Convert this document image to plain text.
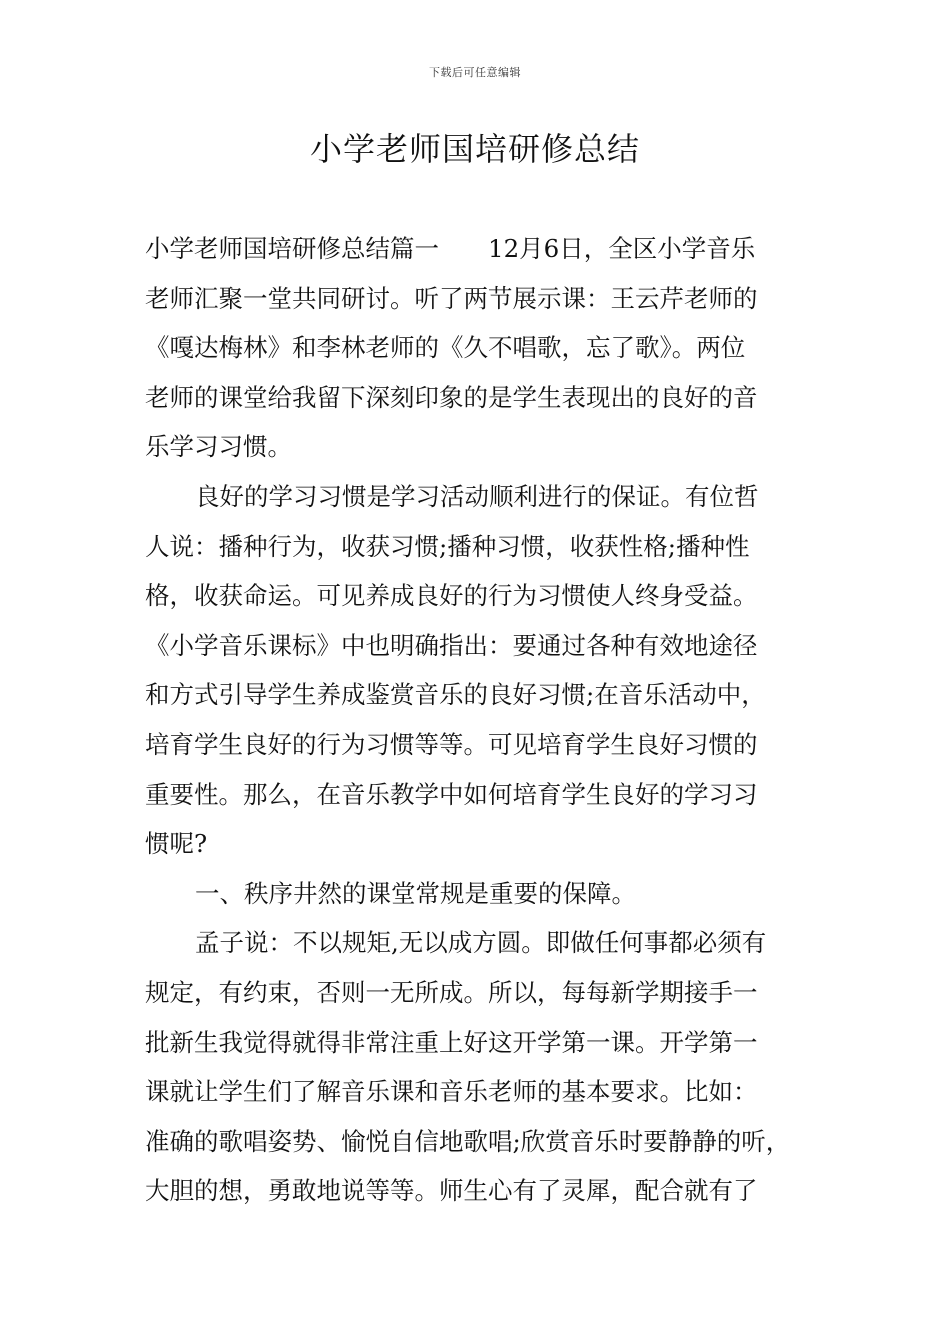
下载后可任意编辑
小学老师国培研修总结
小学老师国培研修总结篇一　　12月6日，全区小学音乐
老师汇聚一堂共同研讨。听了两节展示课：王云芹老师的
《嘎达梅林》和李林老师的《久不唱歌，忘了歌》。两位
老师的课堂给我留下深刻印象的是学生表现出的良好的音
乐学习习惯。
良好的学习习惯是学习活动顺利进行的保证。有位哲
人说：播种行为，收获习惯;播种习惯，收获性格;播种性
格，收获命运。可见养成良好的行为习惯使人终身受益。
《小学音乐课标》中也明确指出：要通过各种有效地途径
和方式引导学生养成鉴赏音乐的良好习惯;在音乐活动中，
培育学生良好的行为习惯等等。可见培育学生良好习惯的
重要性。那么，在音乐教学中如何培育学生良好的学习习
惯呢?
一、秩序井然的课堂常规是重要的保障。
孟子说：不以规矩,无以成方圆。即做任何事都必须有
规定，有约束，否则一无所成。所以，每每新学期接手一
批新生我觉得就得非常注重上好这开学第一课。开学第一
课就让学生们了解音乐课和音乐老师的基本要求。比如：
准确的歌唱姿势、愉悦自信地歌唱;欣赏音乐时要静静的听，
大胆的想，勇敢地说等等。师生心有了灵犀，配合就有了
